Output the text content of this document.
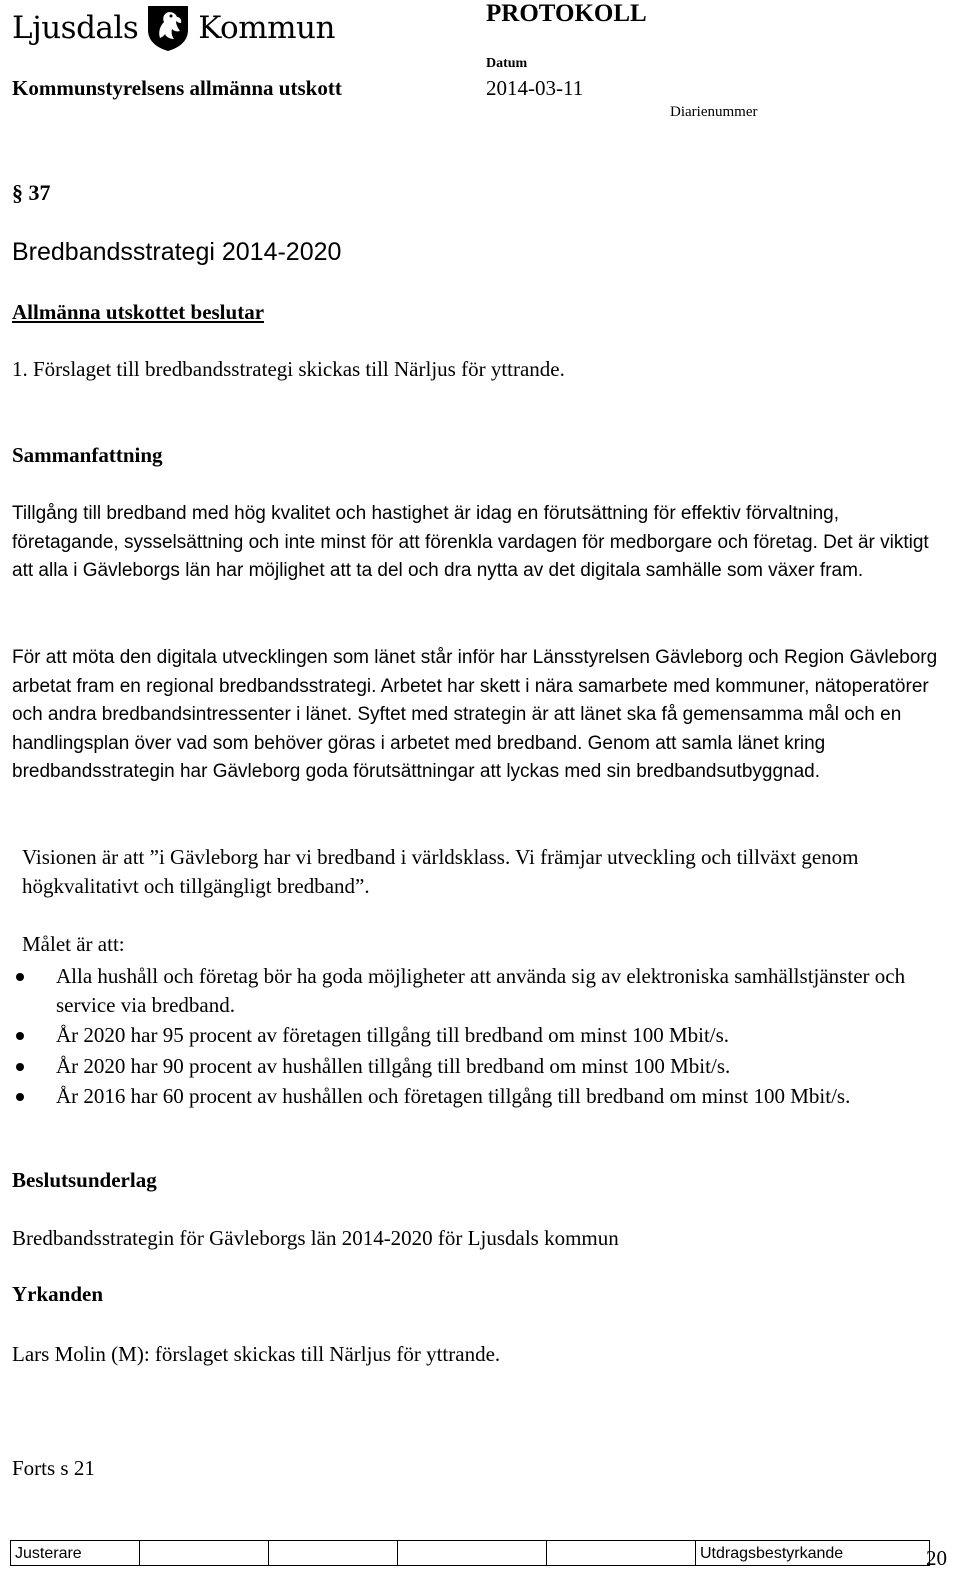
Ljusdals Kommun	PROTOKOLL
Datum
Kommunstyrelsens allmänna utskott	2014-03-11
Diarienummer
§ 37
Bredbandsstrategi 2014-2020
Allmänna utskottet beslutar
1. Förslaget till bredbandsstrategi skickas till Närljus för yttrande.
Sammanfattning
Tillgång till bredband med hög kvalitet och hastighet är idag en förutsättning för effektiv förvaltning, företagande, sysselsättning och inte minst för att förenkla vardagen för medborgare och företag. Det är viktigt att alla i Gävleborgs län har möjlighet att ta del och dra nytta av det digitala samhälle som växer fram.
För att möta den digitala utvecklingen som länet står inför har Länsstyrelsen Gävleborg och Region Gävleborg arbetat fram en regional bredbandsstrategi. Arbetet har skett i nära samarbete med kommuner, nätoperatörer och andra bredbandsintressenter i länet. Syftet med strategin är att länet ska få gemensamma mål och en handlingsplan över vad som behöver göras i arbetet med bredband. Genom att samla länet kring bredbandsstrategin har Gävleborg goda förutsättningar att lyckas med sin bredbandsutbyggnad.
Visionen är att ”i Gävleborg har vi bredband i världsklass. Vi främjar utveckling och tillväxt genom högkvalitativt och tillgängligt bredband”.
Målet är att:
Alla hushåll och företag bör ha goda möjligheter att använda sig av elektroniska samhällstjänster och service via bredband.
År 2020 har 95 procent av företagen tillgång till bredband om minst 100 Mbit/s.
År 2020 har 90 procent av hushållen tillgång till bredband om minst 100 Mbit/s.
År 2016 har 60 procent av hushållen och företagen tillgång till bredband om minst 100 Mbit/s.
Beslutsunderlag
Bredbandsstrategin för Gävleborgs län 2014-2020 för Ljusdals kommun
Yrkanden
Lars Molin (M): förslaget skickas till Närljus för yttrande.
Forts s 21
Justerare					Utdragsbestyrkande	20
